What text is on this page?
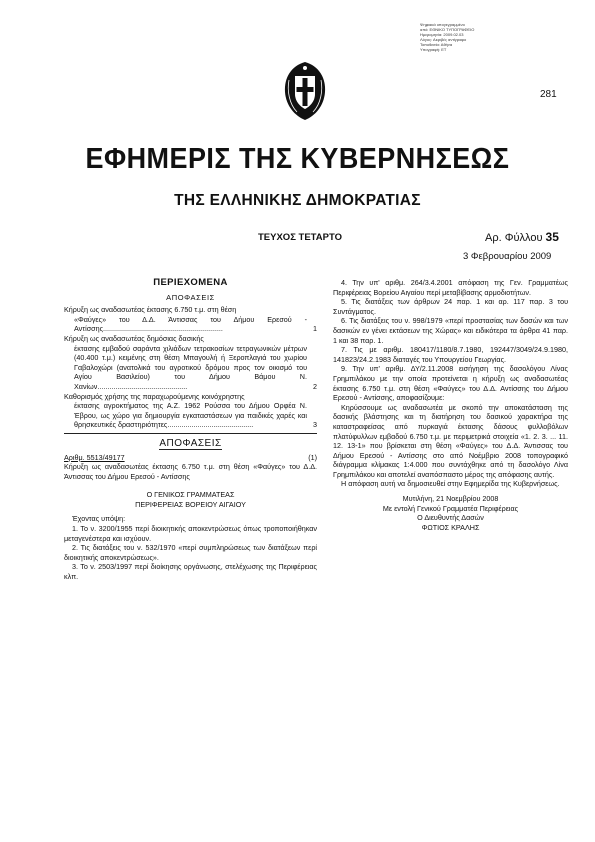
Ψηφιακά υπογεγραμμένο
από: ΕΘΝΙΚΟ ΤΥΠΟΓΡΑΦΕΙΟ
Ημερομηνία: 2009.02.03
Λόγος: Ακριβές αντίγραφο
Τοποθεσία: Αθήνα
Υπογραφή: ΕΤ
281
ΕΦΗΜΕΡΙΣ ΤΗΣ ΚΥΒΕΡΝΗΣΕΩΣ
ΤΗΣ ΕΛΛΗΝΙΚΗΣ ΔΗΜΟΚΡΑΤΙΑΣ
ΤΕΥΧΟΣ ΤΕΤΑΡΤΟ	Αρ. Φύλλου 35
3 Φεβρουαρίου 2009
ΠΕΡΙΕΧΟΜΕΝΑ
ΑΠΟΦΑΣΕΙΣ
Κήρυξη ως αναδασωτέας έκτασης 6.750 τ.μ. στη θέση
«Φαύγες» του Δ.Δ. Άντισσας του Δήμου Ερεσού - Αντίσσης............................................................	1
Κήρυξη ως αναδασωτέας δημόσιας δασικής
έκτασης εμβαδού σαράντα χιλιάδων τετρακοσίων τετραγωνικών μέτρων (40.400 τ.μ.) κειμένης στη θέση Μπαγουλή ή Ξεροπλαγιά του χωρίου Γαβαλοχώρι (ανατολικά του αγροτικού δρόμου προς τον οικισμό του Αγίου Βασιλείου) του Δήμου Βάμου Ν. Χανίων.............................................	2
Καθορισμός χρήσης της παραχωρούμενης κοινόχρηστης
έκτασης αγροκτήματος της Α.Ζ. 1962 Ρούσσα του Δήμου Ορφέα Ν. Έβρου, ως χώρο για δημιουργία εγκαταστάσεων για παιδικές χαρές και θρησκευτικές δραστηριότητες...........................................	3
ΑΠΟΦΑΣΕΙΣ
Αριθμ. 5513/49177	(1)
Κήρυξη ως αναδασωτέας έκτασης 6.750 τ.μ. στη θέση «Φαύγες» του Δ.Δ. Άντισσας του Δήμου Ερεσού - Αντίσσης
Ο ΓΕΝΙΚΟΣ ΓΡΑΜΜΑΤΕΑΣ
ΠΕΡΙΦΕΡΕΙΑΣ ΒΟΡΕΙΟΥ ΑΙΓΑΙΟΥ
Έχοντας υπόψη:
1. Το ν. 3200/1955 περί διοικητικής αποκεντρώσεως όπως τροποποιήθηκαν μεταγενέστερα και ισχύουν.
2. Τις διατάξεις του ν. 532/1970 «περί συμπληρώσεως των διατάξεων περί διοικητικής αποκεντρώσεως».
3. Το ν. 2503/1997 περί διοίκησης οργάνωσης, στελέχωσης της Περιφέρειας κλπ.
4. Την υπ' αριθμ. 264/3.4.2001 απόφαση της Γεν. Γραμματέως Περιφέρειας Βορείου Αιγαίου περί μεταβίβασης αρμοδιοτήτων.
5. Τις διατάξεις των άρθρων 24 παρ. 1 και αρ. 117 παρ. 3 του Συντάγματος.
6. Τις διατάξεις του ν. 998/1979 «περί προστασίας των δασών και των δασικών εν γένει εκτάσεων της Χώρας» και ειδικότερα τα άρθρα 41 παρ. 1 και 38 παρ. 1.
7. Τις με αριθμ. 180417/1180/8.7.1980, 192447/3049/24.9.1980, 141823/24.2.1983 διαταγές του Υπουργείου Γεωργίας.
9. Την υπ' αριθμ. ΔΥ/2.11.2008 εισήγηση της δασολόγου Λίνας Γρημπιλάκου με την οποία προτείνεται η κήρυξη ως αναδασωτέας έκτασης 6.750 τ.μ. στη θέση «Φαύγες» του Δ.Δ. Αντίσσης του Δήμου Ερεσού - Αντίσσης, αποφασίζουμε:
Κηρύσσουμε ως αναδασωτέα με σκοπό την αποκατάσταση της δασικής βλάστησης και τη διατήρηση του δασικού χαρακτήρα της καταστραφείσας από πυρκαγιά έκτασης δάσους φυλλοβόλων πλατύφυλλων εμβαδού 6.750 τ.μ. με περιμετρικά στοιχεία «1. 2. 3. ... 11. 12. 13-1» που βρίσκεται στη θέση «Φαύγες» του Δ.Δ. Άντισσας του Δήμου Ερεσού - Αντίσσης στο από Νοέμβριο 2008 τοπογραφικό διάγραμμα κλίμακας 1:4.000 που συντάχθηκε από τη δασολόγο Λίνα Γρημπιλάκου και αποτελεί αναπόσπαστο μέρος της απόφασης αυτής.
Η απόφαση αυτή να δημοσιευθεί στην Εφημερίδα της Κυβερνήσεως.
Μυτιλήνη, 21 Νοεμβρίου 2008
Με εντολή Γενικού Γραμματέα Περιφέρειας
Ο Διευθυντής Δασών
ΦΩΤΙΟΣ ΚΡΑΛΗΣ
